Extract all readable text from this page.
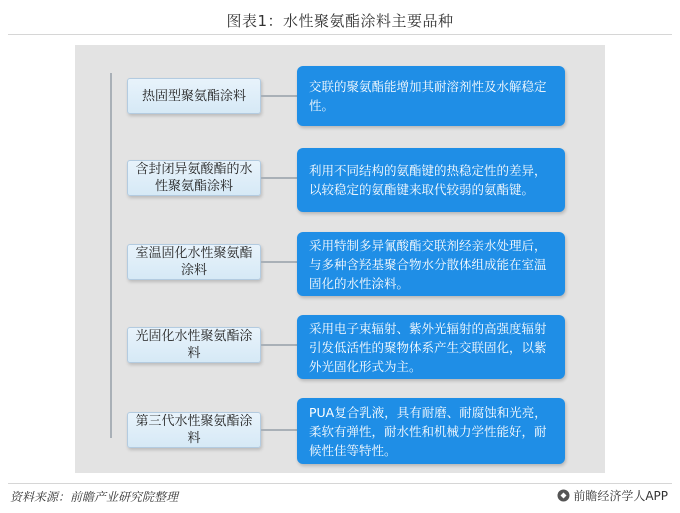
图表1：水性聚氨酯涂料主要品种
热固型聚氨酯涂料
交联的聚氨酯能增加其耐溶剂性及水解稳定性。
含封闭异氨酸酯的水性聚氨酯涂料
利用不同结构的氨酯键的热稳定性的差异，以较稳定的氨酯键来取代较弱的氨酯键。
室温固化水性聚氨酯涂料
采用特制多异氰酸酯交联剂经亲水处理后，与多种含羟基聚合物水分散体组成能在室温固化的水性涂料。
光固化水性聚氨酯涂料
采用电子束辐射、紫外光辐射的高强度辐射引发低活性的聚物体系产生交联固化，以紫外光固化形式为主。
第三代水性聚氨酯涂料
PUA复合乳液，具有耐磨、耐腐蚀和光亮，柔软有弹性，耐水性和机械力学性能好，耐候性佳等特性。
资料来源：前瞻产业研究院整理	前瞻经济学人APP
